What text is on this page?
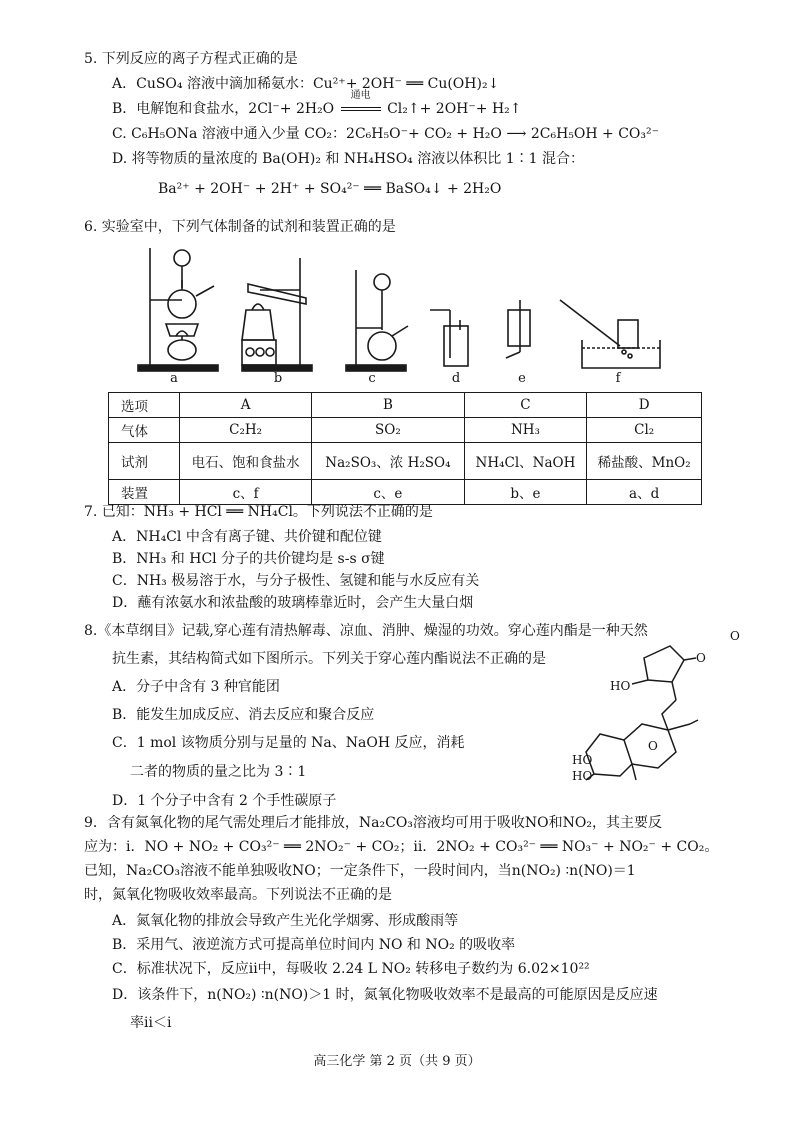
5. 下列反应的离子方程式正确的是
A．CuSO₄ 溶液中滴加稀氨水：Cu²⁺+ 2OH⁻ ══ Cu(OH)₂↓
B．电解饱和食盐水，2Cl⁻+ 2H₂O
通电
Cl₂↑+ 2OH⁻+ H₂↑
C. C₆H₅ONa 溶液中通入少量 CO₂：2C₆H₅O⁻+ CO₂ + H₂O ⟶ 2C₆H₅OH + CO₃²⁻
D. 将等物质的量浓度的 Ba(OH)₂ 和 NH₄HSO₄ 溶液以体积比 1∶1 混合：
Ba²⁺ + 2OH⁻ + 2H⁺ + SO₄²⁻ ══ BaSO₄↓ + 2H₂O
6. 实验室中，下列气体制备的试剂和装置正确的是
a	b	c	d	e	f
选项	A	B	C	D
气体	C₂H₂	SO₂	NH₃	Cl₂
试剂	电石、饱和食盐水	Na₂SO₃、浓 H₂SO₄	NH₄Cl、NaOH	稀盐酸、MnO₂
装置	c、f	c、e	b、e	a、d
7. 已知：NH₃ + HCl ══ NH₄Cl。下列说法不正确的是
A．NH₄Cl 中含有离子键、共价键和配位键
B．NH₃ 和 HCl 分子的共价键均是 s-s σ键
C．NH₃ 极易溶于水，与分子极性、氢键和能与水反应有关
D．蘸有浓氨水和浓盐酸的玻璃棒靠近时，会产生大量白烟
8.《本草纲目》记载,穿心莲有清热解毒、凉血、消肿、燥湿的功效。穿心莲内酯是一种天然
抗生素，其结构简式如下图所示。下列关于穿心莲内酯说法不正确的是
A．分子中含有 3 种官能团
B．能发生加成反应、消去反应和聚合反应
C．1 mol 该物质分别与足量的 Na、NaOH 反应，消耗
二者的物质的量之比为 3∶1
D．1 个分子中含有 2 个手性碳原子
O
HO
O
O
HO
HO
9．含有氮氧化物的尾气需处理后才能排放，Na₂CO₃溶液均可用于吸收NO和NO₂，其主要反
应为：ⅰ．NO + NO₂ + CO₃²⁻ ══ 2NO₂⁻ + CO₂；ⅱ．2NO₂ + CO₃²⁻ ══ NO₃⁻ + NO₂⁻ + CO₂。
已知，Na₂CO₃溶液不能单独吸收NO；一定条件下，一段时间内，当n(NO₂) ∶n(NO)＝1
时，氮氧化物吸收效率最高。下列说法不正确的是
A．氮氧化物的排放会导致产生光化学烟雾、形成酸雨等
B．采用气、液逆流方式可提高单位时间内 NO 和 NO₂ 的吸收率
C．标准状况下，反应ⅱ中，每吸收 2.24 L NO₂ 转移电子数约为 6.02×10²²
D．该条件下，n(NO₂) ∶n(NO)＞1 时，氮氧化物吸收效率不是最高的可能原因是反应速
率ⅱ＜ⅰ
高三化学 第 2 页（共 9 页）
